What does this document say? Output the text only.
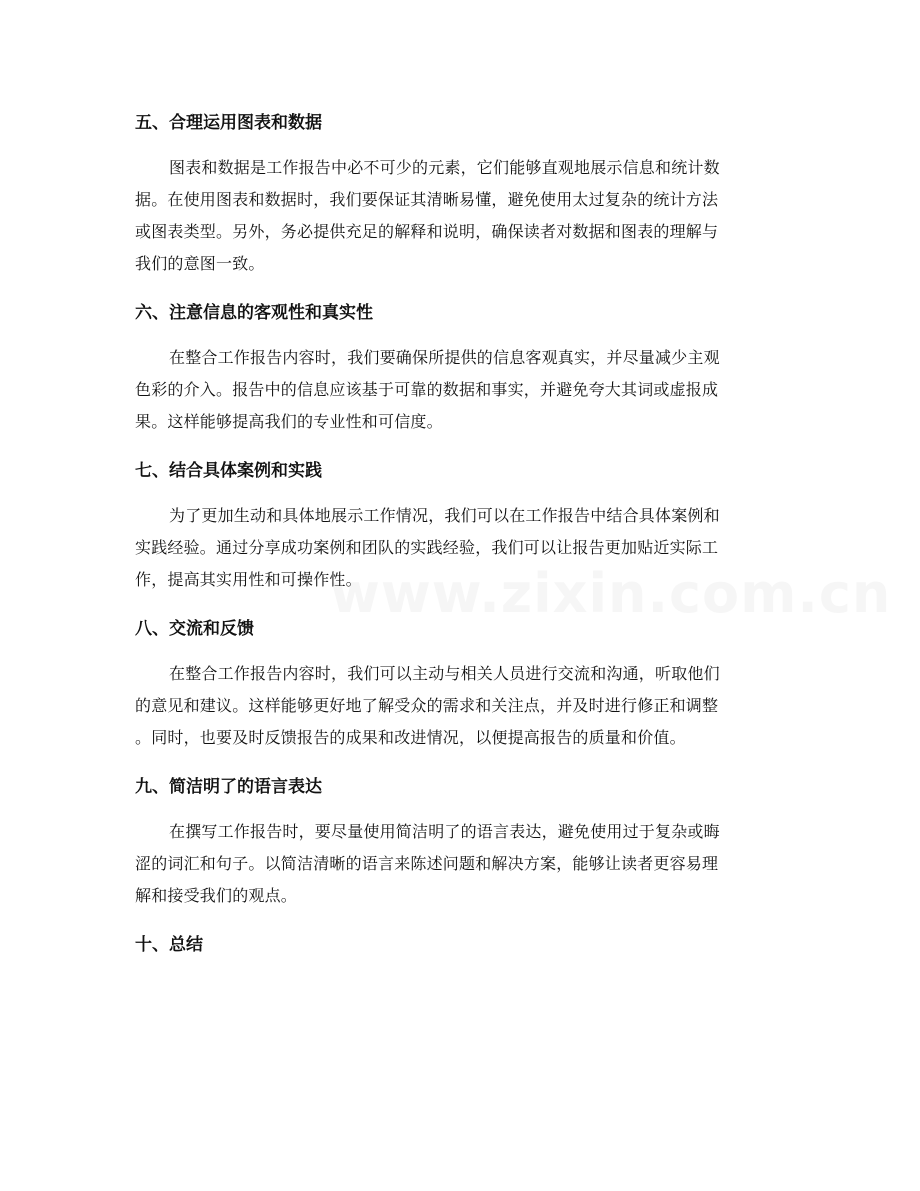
www.zixin.com.cn
五、合理运用图表和数据
图表和数据是工作报告中必不可少的元素，它们能够直观地展示信息和统计数
据。在使用图表和数据时，我们要保证其清晰易懂，避免使用太过复杂的统计方法
或图表类型。另外，务必提供充足的解释和说明，确保读者对数据和图表的理解与
我们的意图一致。
六、注意信息的客观性和真实性
在整合工作报告内容时，我们要确保所提供的信息客观真实，并尽量减少主观
色彩的介入。报告中的信息应该基于可靠的数据和事实，并避免夸大其词或虚报成
果。这样能够提高我们的专业性和可信度。
七、结合具体案例和实践
为了更加生动和具体地展示工作情况，我们可以在工作报告中结合具体案例和
实践经验。通过分享成功案例和团队的实践经验，我们可以让报告更加贴近实际工
作，提高其实用性和可操作性。
八、交流和反馈
在整合工作报告内容时，我们可以主动与相关人员进行交流和沟通，听取他们
的意见和建议。这样能够更好地了解受众的需求和关注点，并及时进行修正和调整
。同时，也要及时反馈报告的成果和改进情况，以便提高报告的质量和价值。
九、简洁明了的语言表达
在撰写工作报告时，要尽量使用简洁明了的语言表达，避免使用过于复杂或晦
涩的词汇和句子。以简洁清晰的语言来陈述问题和解决方案，能够让读者更容易理
解和接受我们的观点。
十、总结
